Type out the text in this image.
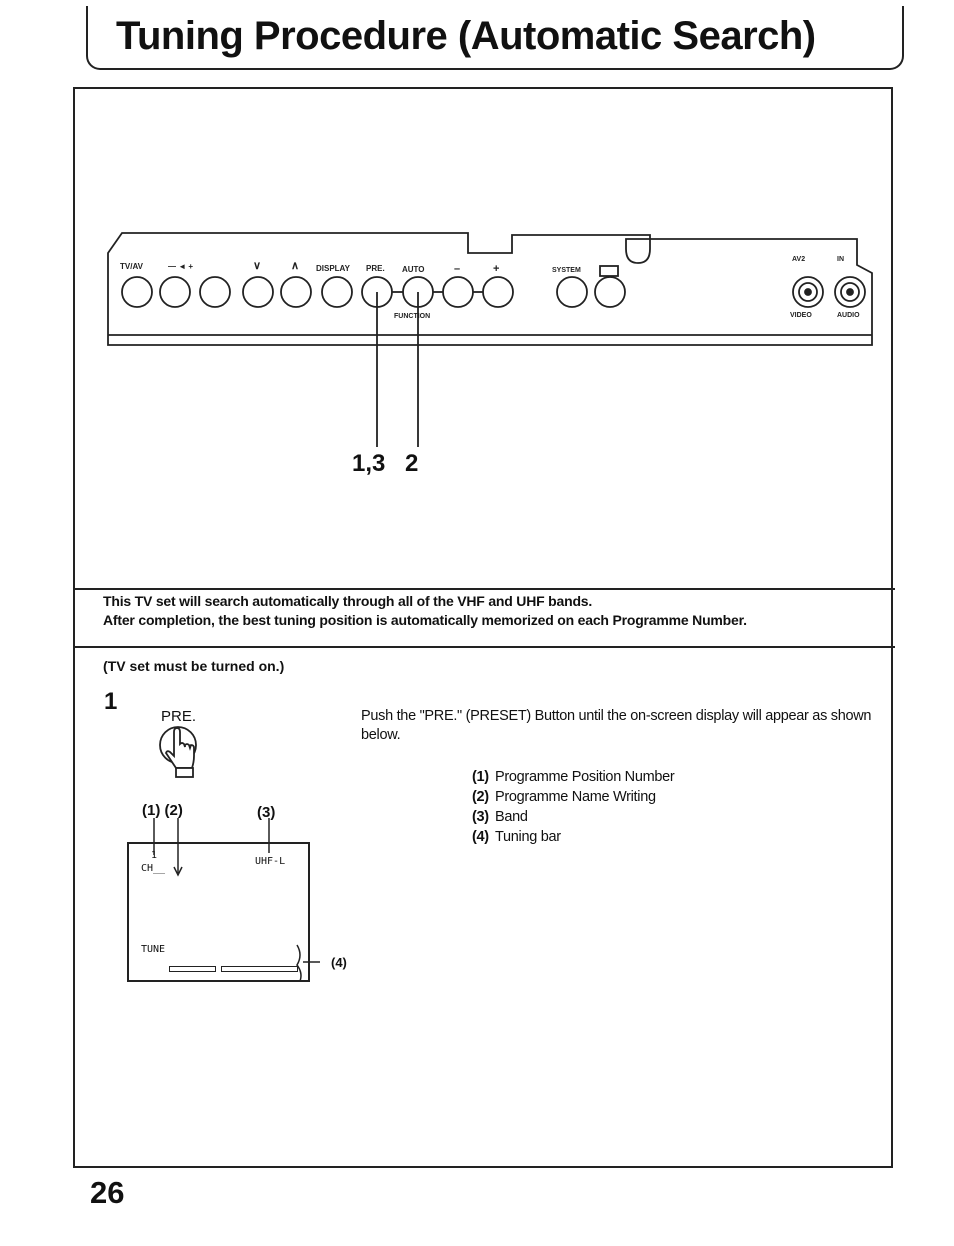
Tuning Procedure (Automatic Search)
TV/AV	— ◄ +	∨	∧ DISPLAY PRE. AUTO	–	+
FUNCTION
SYSTEM
AV2	IN
VIDEO	AUDIO
1,3 2
This TV set will search automatically through all of the VHF and UHF bands.
After completion, the best tuning position is automatically memorized on each Programme Number.
(TV set must be turned on.)
1
PRE.	Push the "PRE." (PRESET) Button until the on-screen display will appear as shown below.
(1) Programme Position Number
(2) Programme Name Writing
(3) Band
(4) Tuning bar
(1) (2)	(3)
1
CH__
UHF-L
TUNE
(4)
26
